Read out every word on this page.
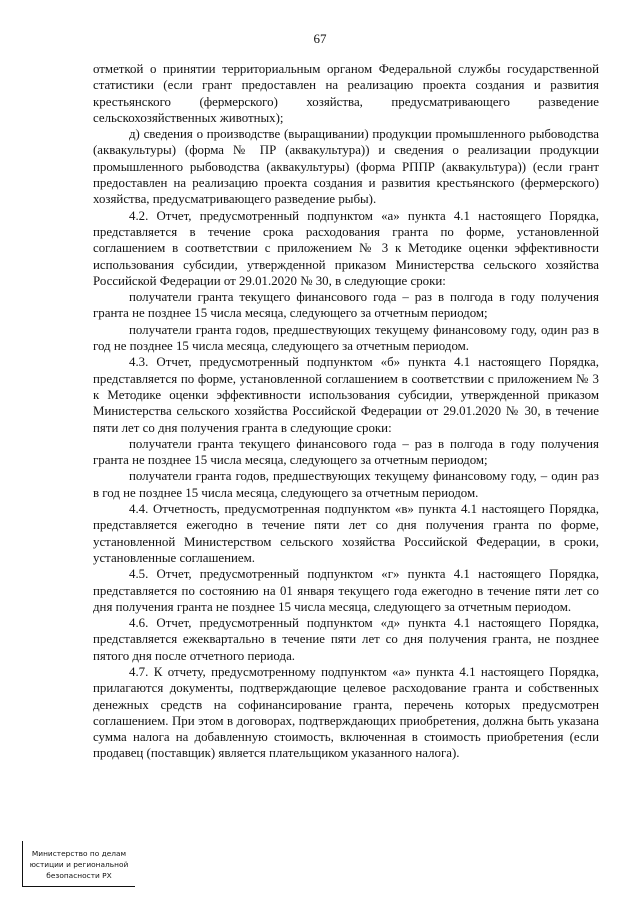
67

отметкой о принятии территориальным органом Федеральной службы государственной статистики (если грант предоставлен на реализацию проекта создания и развития крестьянского (фермерского) хозяйства, предусматривающего разведение сельскохозяйственных животных);

д) сведения о производстве (выращивании) продукции промышленного рыбоводства (аквакультуры) (форма № ПР (аквакультура)) и сведения о реализации продукции промышленного рыбоводства (аквакультуры) (форма РППР (аквакультура)) (если грант предоставлен на реализацию проекта создания и развития крестьянского (фермерского) хозяйства, предусматривающего разведение рыбы).

4.2. Отчет, предусмотренный подпунктом «а» пункта 4.1 настоящего Порядка, представляется в течение срока расходования гранта по форме, установленной соглашением в соответствии с приложением № 3 к Методике оценки эффективности использования субсидии, утвержденной приказом Министерства сельского хозяйства Российской Федерации от 29.01.2020 № 30, в следующие сроки:

получатели гранта текущего финансового года – раз в полгода в году получения гранта не позднее 15 числа месяца, следующего за отчетным периодом;

получатели гранта годов, предшествующих текущему финансовому году, один раз в год не позднее 15 числа месяца, следующего за отчетным периодом.

4.3. Отчет, предусмотренный подпунктом «б» пункта 4.1 настоящего Порядка, представляется по форме, установленной соглашением в соответствии с приложением № 3 к Методике оценки эффективности использования субсидии, утвержденной приказом Министерства сельского хозяйства Российской Федерации от 29.01.2020 № 30, в течение пяти лет со дня получения гранта в следующие сроки:

получатели гранта текущего финансового года – раз в полгода в году получения гранта не позднее 15 числа месяца, следующего за отчетным периодом;

получатели гранта годов, предшествующих текущему финансовому году, – один раз в год не позднее 15 числа месяца, следующего за отчетным периодом.

4.4. Отчетность, предусмотренная подпунктом «в» пункта 4.1 настоящего Порядка, представляется ежегодно в течение пяти лет со дня получения гранта по форме, установленной Министерством сельского хозяйства Российской Федерации, в сроки, установленные соглашением.

4.5. Отчет, предусмотренный подпунктом «г» пункта 4.1 настоящего Порядка, представляется по состоянию на 01 января текущего года ежегодно в течение пяти лет со дня получения гранта не позднее 15 числа месяца, следующего за отчетным периодом.

4.6. Отчет, предусмотренный подпунктом «д» пункта 4.1 настоящего Порядка, представляется ежеквартально в течение пяти лет со дня получения гранта, не позднее пятого дня после отчетного периода.

4.7. К отчету, предусмотренному подпунктом «а» пункта 4.1 настоящего Порядка, прилагаются документы, подтверждающие целевое расходование гранта и собственных денежных средств на софинансирование гранта, перечень которых предусмотрен соглашением. При этом в договорах, подтверждающих приобретения, должна быть указана сумма налога на добавленную стоимость, включенная в стоимость приобретения (если продавец (поставщик) является плательщиком указанного налога).

Министерство по делам
юстиции и региональной
безопасности РХ
